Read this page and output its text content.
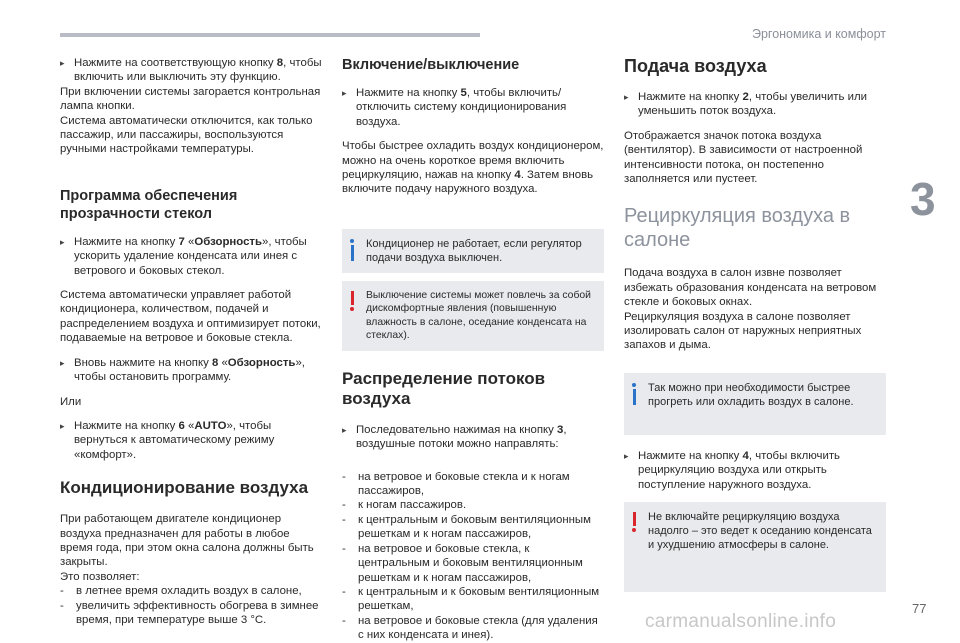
Эргономика и комфорт
3
77
carmanualsonline.info
▸ Нажмите на соответствующую кнопку 8, чтобы включить или выключить эту функцию.

При включении системы загорается контрольная лампа кнопки.

Система автоматически отключится, как только пассажир, или пассажиры, воспользуются ручными настройками температуры.

Программа обеспечения прозрачности стекол
▸ Нажмите на кнопку 7 «Обзорность», чтобы ускорить удаление конденсата или инея с ветрового и боковых стекол.

Система автоматически управляет работой кондиционера, количеством, подачей и распределением воздуха и оптимизирует потоки, подаваемые на ветровое и боковые стекла.

▸ Вновь нажмите на кнопку 8 «Обзорность», чтобы остановить программу.

Или

▸ Нажмите на кнопку 6 «AUTO», чтобы вернуться к автоматическому режиму «комфорт».
Кондиционирование воздуха

При работающем двигателе кондиционер воздуха предназначен для работы в любое время года, при этом окна салона должны быть закрыты.

Это позволяет:

- в летнее время охладить воздух в салоне,
- увеличить эффективность обогрева в зимнее время, при температуре выше 3 °C.
Включение/выключение
▸ Нажмите на кнопку 5, чтобы включить/отключить систему кондиционирования воздуха.

Чтобы быстрее охладить воздух кондиционером, можно на очень короткое время включить рециркуляцию, нажав на кнопку 4. Затем вновь включите подачу наружного воздуха.

Кондиционер не работает, если регулятор подачи воздуха выключен.
Выключение системы может повлечь за собой дискомфортные явления (повышенную влажность в салоне, оседание конденсата на стеклах).
Распределение потоков воздуха
▸ Последовательно нажимая на кнопку 3, воздушные потоки можно направлять:
- на ветровое и боковые стекла и к ногам пассажиров,
- к ногам пассажиров.
- к центральным и боковым вентиляционным решеткам и к ногам пассажиров,
- на ветровое и боковые стекла, к центральным и боковым вентиляционным решеткам и к ногам пассажиров,
- к центральным и к боковым вентиляционным решеткам,
- на ветровое и боковые стекла (для удаления с них конденсата и инея).
Подача воздуха
▸ Нажмите на кнопку 2, чтобы увеличить или уменьшить поток воздуха.

Отображается значок потока воздуха (вентилятор). В зависимости от настроенной интенсивности потока, он постепенно заполняется или пустеет.

Рециркуляция воздуха в салоне

Подача воздуха в салон извне позволяет избежать образования конденсата на ветровом стекле и боковых окнах.

Рециркуляция воздуха в салоне позволяет изолировать салон от наружных неприятных запахов и дыма.

Так можно при необходимости быстрее прогреть или охладить воздух в салоне.
▸ Нажмите на кнопку 4, чтобы включить рециркуляцию воздуха или открыть поступление наружного воздуха.
Не включайте рециркуляцию воздуха надолго – это ведет к оседанию конденсата и ухудшению атмосферы в салоне.
